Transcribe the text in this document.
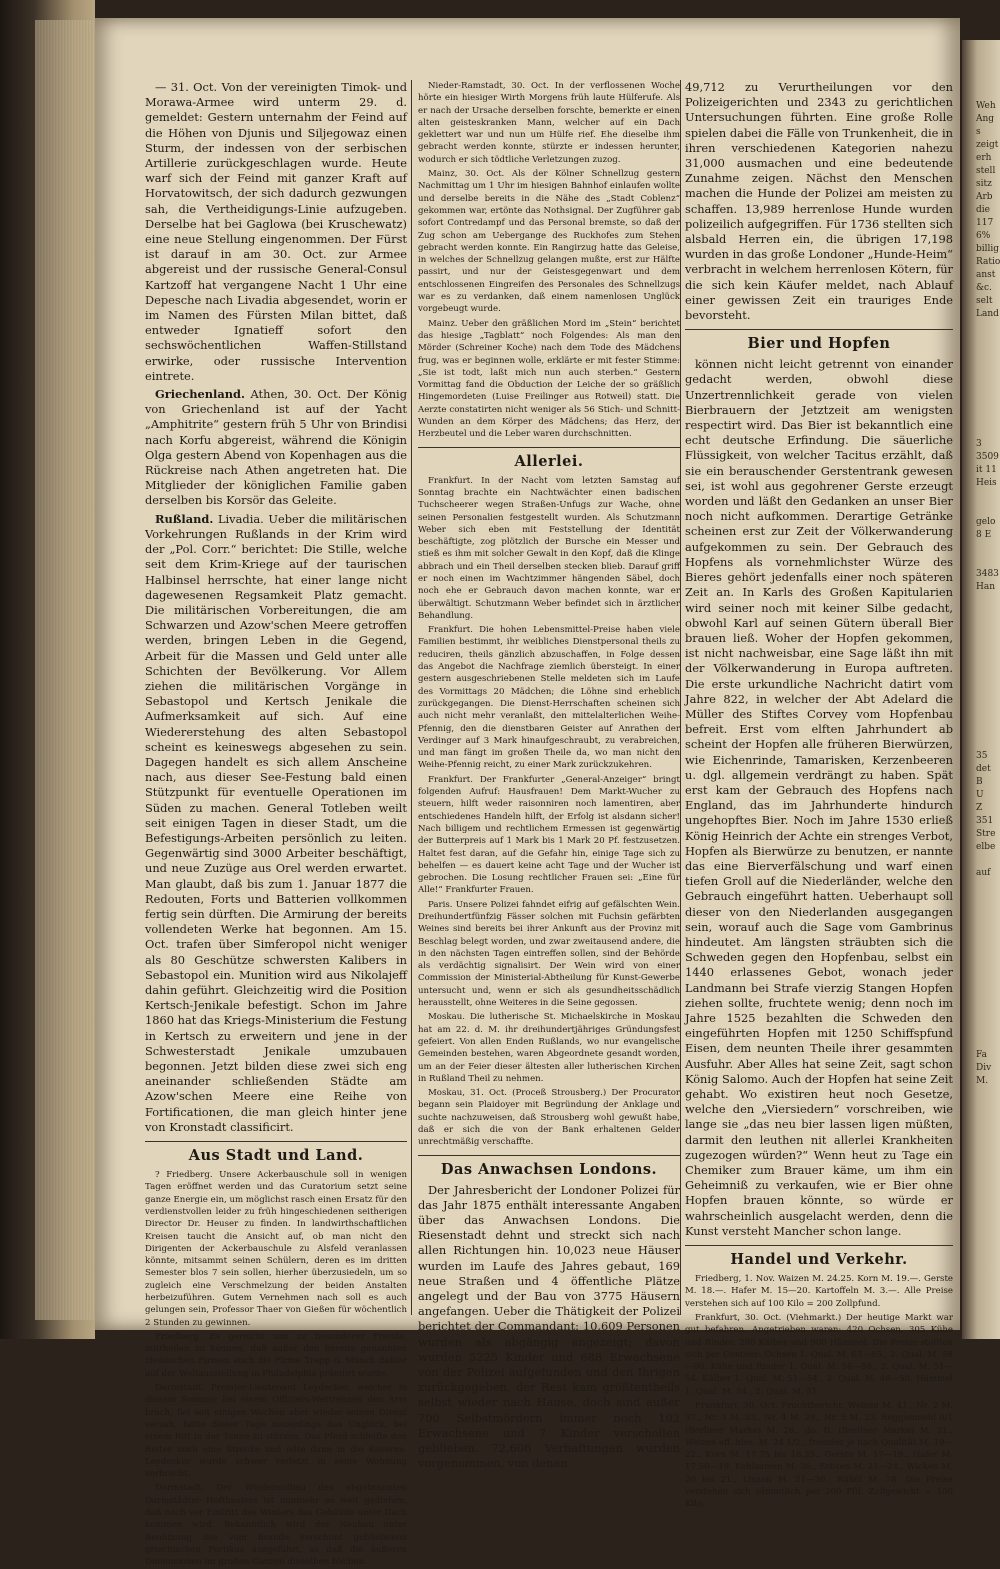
Weh
Ang
s
zeigt
erh
stell
sitz
Arb
die
117
6%
billig
Ratio
anst
&c.
selt
Land

3
3509
it 11
Heis

gelo
8 E

3483
Han

35
det
B
U
Z
351
Stre
elbe

auf

Fa
Div
M.

— 31. Oct. Von der vereinigten Timok- und Morawa-Armee wird unterm 29. d. gemeldet: Gestern unternahm der Feind auf die Höhen von Djunis und Siljegowaz einen Sturm, der indessen von der serbischen Artillerie zurückgeschlagen wurde. Heute warf sich der Feind mit ganzer Kraft auf Horvatowitsch, der sich dadurch gezwungen sah, die Vertheidigungs-Linie aufzugeben. Derselbe hat bei Gaglowa (bei Kruschewatz) eine neue Stellung eingenommen. Der Fürst ist darauf in am 30. Oct. zur Armee abgereist und der russische General-Consul Kartzoff hat vergangene Nacht 1 Uhr eine Depesche nach Livadia abgesendet, worin er im Namen des Fürsten Milan bittet, daß entweder Ignatieff sofort den sechswöchentlichen Waffen-Stillstand erwirke, oder russische Intervention eintrete.

Griechenland. Athen, 30. Oct. Der König von Griechenland ist auf der Yacht „Amphitrite“ gestern früh 5 Uhr von Brindisi nach Korfu abgereist, während die Königin Olga gestern Abend von Kopenhagen aus die Rückreise nach Athen angetreten hat. Die Mitglieder der königlichen Familie gaben derselben bis Korsör das Geleite.

Rußland. Livadia. Ueber die militärischen Vorkehrungen Rußlands in der Krim wird der „Pol. Corr.“ berichtet: Die Stille, welche seit dem Krim-Kriege auf der taurischen Halbinsel herrschte, hat einer lange nicht dagewesenen Regsamkeit Platz gemacht. Die militärischen Vorbereitungen, die am Schwarzen und Azow'schen Meere getroffen werden, bringen Leben in die Gegend, Arbeit für die Massen und Geld unter alle Schichten der Bevölkerung. Vor Allem ziehen die militärischen Vorgänge in Sebastopol und Kertsch Jenikale die Aufmerksamkeit auf sich. Auf eine Wiedererstehung des alten Sebastopol scheint es keineswegs abgesehen zu sein. Dagegen handelt es sich allem Anscheine nach, aus dieser See-Festung bald einen Stützpunkt für eventuelle Operationen im Süden zu machen. General Totleben weilt seit einigen Tagen in dieser Stadt, um die Befestigungs-Arbeiten persönlich zu leiten. Gegenwärtig sind 3000 Arbeiter beschäftigt, und neue Zuzüge aus Orel werden erwartet. Man glaubt, daß bis zum 1. Januar 1877 die Redouten, Forts und Batterien vollkommen fertig sein dürften. Die Armirung der bereits vollendeten Werke hat begonnen. Am 15. Oct. trafen über Simferopol nicht weniger als 80 Geschütze schwersten Kalibers in Sebastopol ein. Munition wird aus Nikolajeff dahin geführt. Gleichzeitig wird die Position Kertsch-Jenikale befestigt. Schon im Jahre 1860 hat das Kriegs-Ministerium die Festung in Kertsch zu erweitern und jene in der Schwesterstadt Jenikale umzubauen begonnen. Jetzt bilden diese zwei sich eng aneinander schließenden Städte am Azow'schen Meere eine Reihe von Fortificationen, die man gleich hinter jene von Kronstadt classificirt.

Aus Stadt und Land.

? Friedberg. Unsere Ackerbauschule soll in wenigen Tagen eröffnet werden und das Curatorium setzt seine ganze Energie ein, um möglichst rasch einen Ersatz für den verdienstvollen leider zu früh hingeschiedenen seitherigen Director Dr. Heuser zu finden. In landwirthschaftlichen Kreisen taucht die Ansicht auf, ob man nicht den Dirigenten der Ackerbauschule zu Alsfeld veranlassen könnte, mitsammt seinen Schülern, deren es im dritten Semester blos 7 sein sollen, hierher überzusiedeln, um so zugleich eine Verschmelzung der beiden Anstalten herbeizuführen. Gutem Vernehmen nach soll es auch gelungen sein, Professor Thaer von Gießen für wöchentlich 2 Stunden zu gewinnen.

Friedberg. Es gereicht uns zu besonderer Freude, mittheilen zu können, daß außer den bereits genannten Hessischen Firmen auch die Firma Trapp & Münch dahier auf der Weltausstellung in Philadelphia prämiirt wurde.

Darmstadt. Premier-Lieutenant Leydecker, welcher in diesem Sommer bei einem Officiers-Wettrennen den Arm brach, fiel seit einigen Wochen aber wieder seinen Dienst versah, hatte dieser Tage neuerdings das Unglück, bei einem Ritt in der Tanne zu stürzen. Das Pferd schleifte den Reiter noch eine Strecke und eilte dann in die Kaserne. Leydecker wurde schwer verletzt in seine Wohnung verbracht.

Darmstadt. Der Wiederaufbau des abgebrannten Darmstädter Hoftheaters ist nunmehr so weit gediehen, daß noch vor Eintritt des Winters das Gebäude unter Dach kommen wird. Bekanntlich wird der Neubau unter Benützung des vom Brande verschont gebliebenen griechischen Portikus ausgeführt, so daß die äußeren Dimensionen im großen Ganzen dieselben bleiben.

Nieder-Ramstadt, 30. Oct. In der verflossenen Woche hörte ein hiesiger Wirth Morgens früh laute Hülferufe. Als er nach der Ursache derselben forschte, bemerkte er einen alten geisteskranken Mann, welcher auf ein Dach geklettert war und nun um Hülfe rief. Ehe dieselbe ihm gebracht werden konnte, stürzte er indessen herunter, wodurch er sich tödtliche Verletzungen zuzog.

Mainz, 30. Oct. Als der Kölner Schnellzug gestern Nachmittag um 1 Uhr im hiesigen Bahnhof einlaufen wollte und derselbe bereits in die Nähe des „Stadt Coblenz“ gekommen war, ertönte das Nothsignal. Der Zugführer gab sofort Contredampf und das Personal bremste, so daß der Zug schon am Uebergange des Ruckhofes zum Stehen gebracht werden konnte. Ein Rangirzug hatte das Geleise, in welches der Schnellzug gelangen mußte, erst zur Hälfte passirt, und nur der Geistesgegenwart und dem entschlossenen Eingreifen des Personales des Schnellzugs war es zu verdanken, daß einem namenlosen Unglück vorgebeugt wurde.

Mainz. Ueber den gräßlichen Mord im „Stein“ berichtet das hiesige „Tagblatt“ noch Folgendes: Als man den Mörder (Schreiner Koche) nach dem Tode des Mädchens frug, was er beginnen wolle, erklärte er mit fester Stimme: „Sie ist todt, laßt mich nun auch sterben.“ Gestern Vormittag fand die Obduction der Leiche der so gräßlich Hingemordeten (Luise Freilinger aus Rotweil) statt. Die Aerzte constatirten nicht weniger als 56 Stich- und Schnitt-Wunden an dem Körper des Mädchens; das Herz, der Herzbeutel und die Leber waren durchschnitten.

Allerlei.

Frankfurt. In der Nacht vom letzten Samstag auf Sonntag brachte ein Nachtwächter einen badischen Tuchscheerer wegen Straßen-Unfugs zur Wache, ohne seinen Personalien festgestellt wurden. Als Schutzmann Weber sich eben mit Feststellung der Identität beschäftigte, zog plötzlich der Bursche ein Messer und stieß es ihm mit solcher Gewalt in den Kopf, daß die Klinge abbrach und ein Theil derselben stecken blieb. Darauf griff er noch einen im Wachtzimmer hängenden Säbel, doch noch ehe er Gebrauch davon machen konnte, war er überwältigt. Schutzmann Weber befindet sich in ärztlicher Behandlung.

Frankfurt. Die hohen Lebensmittel-Preise haben viele Familien bestimmt, ihr weibliches Dienstpersonal theils zu reduciren, theils gänzlich abzuschaffen, in Folge dessen das Angebot die Nachfrage ziemlich übersteigt. In einer gestern ausgeschriebenen Stelle meldeten sich im Laufe des Vormittags 20 Mädchen; die Löhne sind erheblich zurückgegangen. Die Dienst-Herrschaften scheinen sich auch nicht mehr veranlaßt, den mittelalterlichen Weihe-Pfennig, den die dienstbaren Geister auf Anrathen der Verdinger auf 3 Mark hinaufgeschraubt, zu verabreichen, und man fängt im großen Theile da, wo man nicht den Weihe-Pfennig reicht, zu einer Mark zurückzukehren.

Frankfurt. Der Frankfurter „General-Anzeiger“ bringt folgenden Aufruf: Hausfrauen! Dem Markt-Wucher zu steuern, hilft weder raisonniren noch lamentiren, aber entschiedenes Handeln hilft, der Erfolg ist alsdann sicher! Nach billigem und rechtlichem Ermessen ist gegenwärtig der Butterpreis auf 1 Mark bis 1 Mark 20 Pf. festzusetzen. Haltet fest daran, auf die Gefahr hin, einige Tage sich zu behelfen — es dauert keine acht Tage und der Wucher ist gebrochen. Die Losung rechtlicher Frauen sei: „Eine für Alle!“ Frankfurter Frauen.

Paris. Unsere Polizei fahndet eifrig auf gefälschten Wein. Dreihundertfünfzig Fässer solchen mit Fuchsin gefärbten Weines sind bereits bei ihrer Ankunft aus der Provinz mit Beschlag belegt worden, und zwar zweitausend andere, die in den nächsten Tagen eintreffen sollen, sind der Behörde als verdächtig signalisirt. Der Wein wird von einer Commission der Ministerial-Abtheilung für Kunst-Gewerbe untersucht und, wenn er sich als gesundheitsschädlich herausstellt, ohne Weiteres in die Seine gegossen.

Moskau. Die lutherische St. Michaelskirche in Moskau hat am 22. d. M. ihr dreihundertjähriges Gründungsfest gefeiert. Von allen Enden Rußlands, wo nur evangelische Gemeinden bestehen, waren Abgeordnete gesandt worden, um an der Feier dieser ältesten aller lutherischen Kirchen in Rußland Theil zu nehmen.

Moskau, 31. Oct. (Proceß Strousberg.) Der Procurator begann sein Plaidoyer mit Begründung der Anklage und suchte nachzuweisen, daß Strousberg wohl gewußt habe, daß er sich die von der Bank erhaltenen Gelder unrechtmäßig verschaffte.

Das Anwachsen Londons.

Der Jahresbericht der Londoner Polizei für das Jahr 1875 enthält interessante Angaben über das Anwachsen Londons. Die Riesenstadt dehnt und streckt sich nach allen Richtungen hin. 10,023 neue Häuser wurden im Laufe des Jahres gebaut, 169 neue Straßen und 4 öffentliche Plätze angelegt und der Bau von 3775 Häusern angefangen. Ueber die Thätigkeit der Polizei berichtet der Commandant: 10,609 Personen wurden als abgängig angezeigt; davon wurden 5225 Kinder und 688 Erwachsene von der Polizei aufgefunden und den Ihrigen zurückgegeben, der Rest kam größtentheils selbst wieder nach Hause, doch sind außer 700 Selbstmördern immer noch 102 Erwachsene und 7 Kinder verschollen geblieben. 72,606 Verhaftungen wurden vorgenommen, von denen

49,712 zu Verurtheilungen vor den Polizeigerichten und 2343 zu gerichtlichen Untersuchungen führten. Eine große Rolle spielen dabei die Fälle von Trunkenheit, die in ihren verschiedenen Kategorien nahezu 31,000 ausmachen und eine bedeutende Zunahme zeigen. Nächst den Menschen machen die Hunde der Polizei am meisten zu schaffen. 13,989 herrenlose Hunde wurden polizeilich aufgegriffen. Für 1736 stellten sich alsbald Herren ein, die übrigen 17,198 wurden in das große Londoner „Hunde-Heim“ verbracht in welchem herrenlosen Kötern, für die sich kein Käufer meldet, nach Ablauf einer gewissen Zeit ein trauriges Ende bevorsteht.

Bier und Hopfen

können nicht leicht getrennt von einander gedacht werden, obwohl diese Unzertrennlichkeit gerade von vielen Bierbrauern der Jetztzeit am wenigsten respectirt wird. Das Bier ist bekanntlich eine echt deutsche Erfindung. Die säuerliche Flüssigkeit, von welcher Tacitus erzählt, daß sie ein berauschender Gerstentrank gewesen sei, ist wohl aus gegohrener Gerste erzeugt worden und läßt den Gedanken an unser Bier noch nicht aufkommen. Derartige Getränke scheinen erst zur Zeit der Völkerwanderung aufgekommen zu sein. Der Gebrauch des Hopfens als vornehmlichster Würze des Bieres gehört jedenfalls einer noch späteren Zeit an. In Karls des Großen Kapitularien wird seiner noch mit keiner Silbe gedacht, obwohl Karl auf seinen Gütern überall Bier brauen ließ. Woher der Hopfen gekommen, ist nicht nachweisbar, eine Sage läßt ihn mit der Völkerwanderung in Europa auftreten. Die erste urkundliche Nachricht datirt vom Jahre 822, in welcher der Abt Adelard die Müller des Stiftes Corvey vom Hopfenbau befreit. Erst vom elften Jahrhundert ab scheint der Hopfen alle früheren Bierwürzen, wie Eichenrinde, Tamarisken, Kerzenbeeren u. dgl. allgemein verdrängt zu haben. Spät erst kam der Gebrauch des Hopfens nach England, das im Jahrhunderte hindurch ungehopftes Bier. Noch im Jahre 1530 erließ König Heinrich der Achte ein strenges Verbot, Hopfen als Bierwürze zu benutzen, er nannte das eine Bierverfälschung und warf einen tiefen Groll auf die Niederländer, welche den Gebrauch eingeführt hatten. Ueberhaupt soll dieser von den Niederlanden ausgegangen sein, worauf auch die Sage vom Gambrinus hindeutet. Am längsten sträubten sich die Schweden gegen den Hopfenbau, selbst ein 1440 erlassenes Gebot, wonach jeder Landmann bei Strafe vierzig Stangen Hopfen ziehen sollte, fruchtete wenig; denn noch im Jahre 1525 bezahlten die Schweden den eingeführten Hopfen mit 1250 Schiffspfund Eisen, dem neunten Theile ihrer gesammten Ausfuhr. Aber Alles hat seine Zeit, sagt schon König Salomo. Auch der Hopfen hat seine Zeit gehabt. Wo existiren heut noch Gesetze, welche den „Viersiedern“ vorschreiben, wie lange sie „das neu bier lassen ligen müßten, darmit den leuthen nit allerlei Krankheiten zugezogen würden?“ Wenn heut zu Tage ein Chemiker zum Brauer käme, um ihm ein Geheimniß zu verkaufen, wie er Bier ohne Hopfen brauen könnte, so würde er wahrscheinlich ausgelacht werden, denn die Kunst versteht Mancher schon lange.

Handel und Verkehr.

Friedberg, 1. Nov. Waizen M. 24.25. Korn M. 19.—. Gerste M. 18.—. Hafer M. 15—20. Kartoffeln M. 3.—. Alle Preise verstehen sich auf 100 Kilo = 200 Zollpfund.

Frankfurt, 30. Oct. (Viehmarkt.) Der heutige Markt war gut befahren. Angetrieben waren: 420 Ochsen, 305 Kühe und Rinder, 280 Kälber und 900 Hämmel. Die Preise stellten sich per Centner: Ochsen 1. Qual. M. 63—65., 2. Qual. M. 58—60. Kühe und Rinder 1. Qual. M. 56—58., 2. Qual. M. 51—54. Kälber 1. Qual. M. 51—54., 2. Qual. M. 48—50. Hämmel 1. Qual. M. 54., 2. Qual. M. 51.

Frankfurt, 30. Oct. Fruchtbericht. Weizen M. 41., Nr. 2 M. 37., Nr. 3 M. 33., Nr. 4 M. 29., Nr. 5 M. 23. Roggenmehl 0/1 (Berliner Marke) M. 26., do. II. (Berliner Marke) M. 21., Weizen eff. hies. M. 24 1/2., fremder je nach Qualität M. 19—22., Korn M. 17.75 bis 18.25., Gerste M. 17—19., Hafer M. 17.50—19. Kohlsamen M. 36., Erbsen M. 21—24., Wicken M. 20 bis 21., Linsen M. 21—30., Rüböl M. 78. Die Preise verstehen sich sämmtlich per 200 Pfd. Zollgewicht = 100 Kilo.
